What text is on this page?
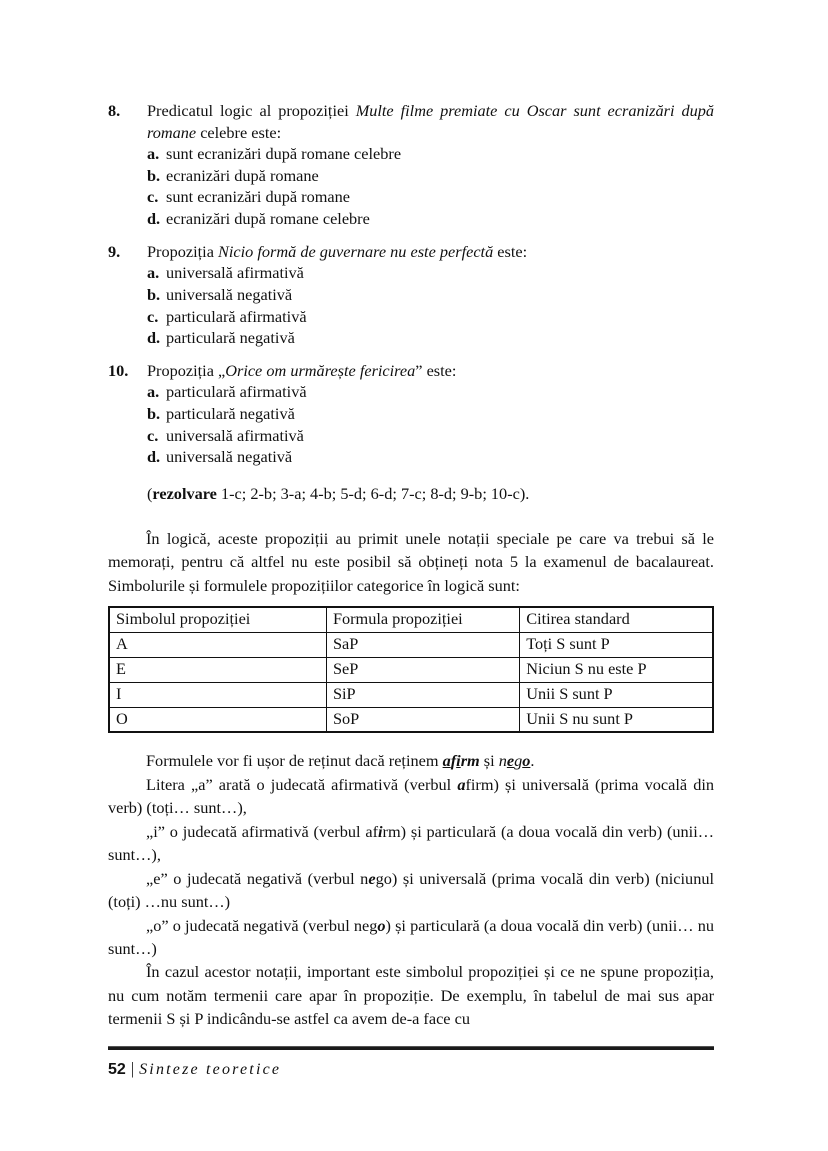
8.	Predicatul logic al propoziției Multe filme premiate cu Oscar sunt ecranizări după romane celebre este:
a. sunt ecranizări după romane celebre
b. ecranizări după romane
c. sunt ecranizări după romane
d. ecranizări după romane celebre
9.	Propoziția Nicio formă de guvernare nu este perfectă este:
a. universală afirmativă
b. universală negativă
c. particulară afirmativă
d. particulară negativă
10.	Propoziția „Orice om urmărește fericirea” este:
a. particulară afirmativă
b. particulară negativă
c. universală afirmativă
d. universală negativă
(rezolvare 1-c; 2-b; 3-a; 4-b; 5-d; 6-d; 7-c; 8-d; 9-b; 10-c).

În logică, aceste propoziții au primit unele notații speciale pe care va trebui să le memorați, pentru că altfel nu este posibil să obțineți nota 5 la examenul de bacalaureat. Simbolurile și formulele propozițiilor categorice în logică sunt:

Simbolul propoziției	Formula propoziției	Citirea standard
A	SaP	Toți S sunt P
E	SeP	Niciun S nu este P
I	SiP	Unii S sunt P
O	SoP	Unii S nu sunt P

Formulele vor fi ușor de reținut dacă reținem afirm și nego.

Litera „a” arată o judecată afirmativă (verbul afirm) și universală (prima vocală din verb) (toți… sunt…),

„i” o judecată afirmativă (verbul afirm) și particulară (a doua vocală din verb) (unii… sunt…),

„e” o judecată negativă (verbul nego) și universală (prima vocală din verb) (niciunul (toți) …nu sunt…)

„o” o judecată negativă (verbul nego) și particulară (a doua vocală din verb) (unii… nu sunt…)

În cazul acestor notații, important este simbolul propoziției și ce ne spune propoziția, nu cum notăm termenii care apar în propoziție. De exemplu, în tabelul de mai sus apar termenii S și P indicându-se astfel ca avem de-a face cu

52 | Sinteze teoretice
